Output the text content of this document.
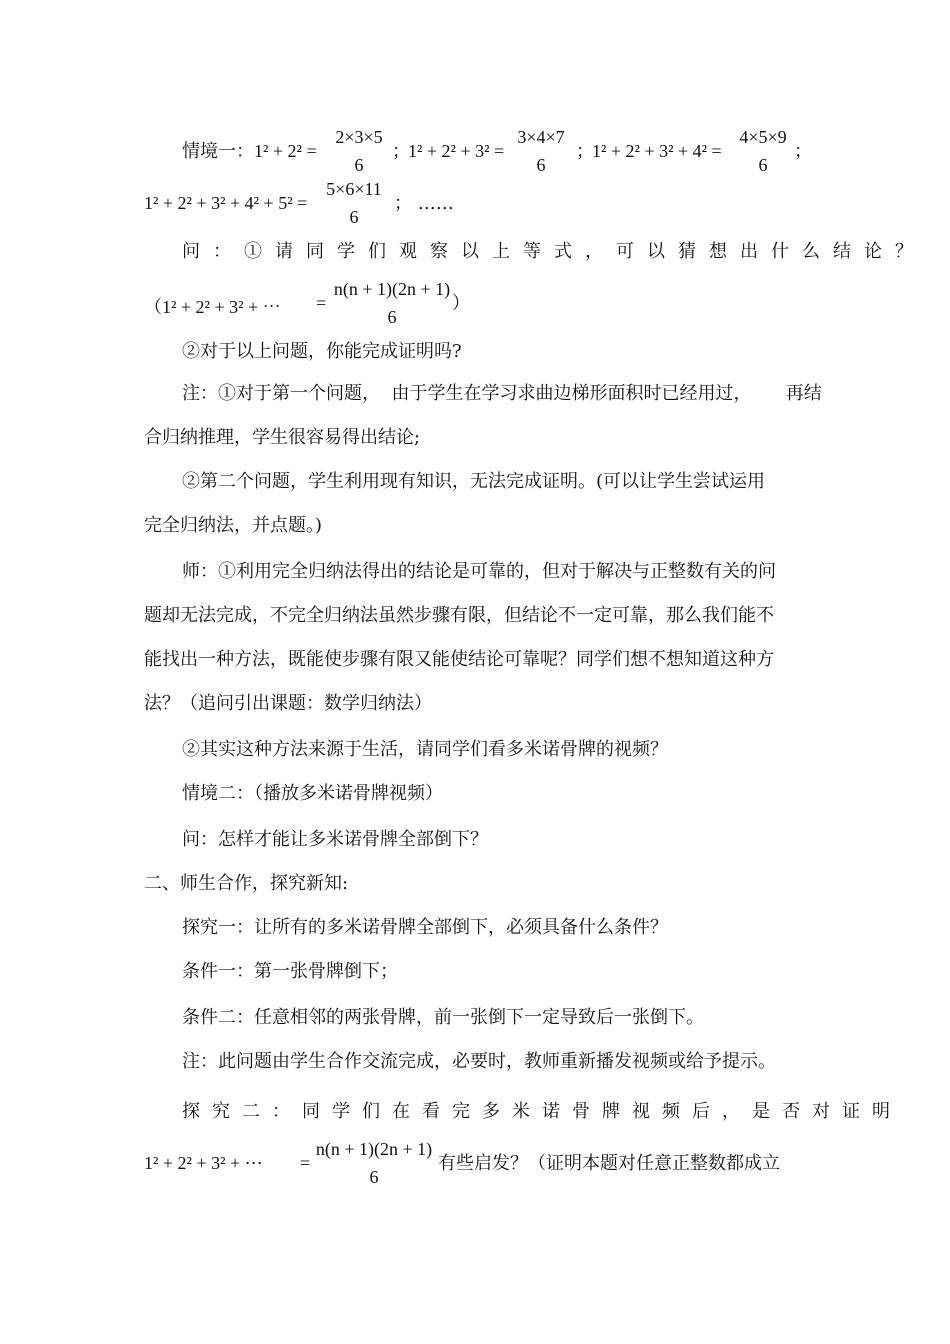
情境一： 1² + 2² =
2×3×5
6
；
1² + 2² + 3² =
3×4×7
6
；
1² + 2² + 3² + 4² =
4×5×9
6
；
1² + 2² + 3² + 4² + 5² =
5×6×11
6
； ……
问：①请同学们观察以上等式，可以猜想出什么结论？
（1² + 2² + 3² + ⋯ =
n(n + 1)(2n + 1)
6
）
②对于以上问题，你能完成证明吗?
注：①对于第一个问题，  由于学生在学习求曲边梯形面积时已经用过，      再结
合归纳推理，学生很容易得出结论;
②第二个问题，学生利用现有知识，无法完成证明。(可以让学生尝试运用
完全归纳法，并点题。)
师：①利用完全归纳法得出的结论是可靠的，但对于解决与正整数有关的问
题却无法完成，不完全归纳法虽然步骤有限，但结论不一定可靠，那么我们能不
能找出一种方法，既能使步骤有限又能使结论可靠呢？同学们想不想知道这种方
法？（追问引出课题：数学归纳法）
②其实这种方法来源于生活，请同学们看多米诺骨牌的视频？
情境二：（播放多米诺骨牌视频）
问：怎样才能让多米诺骨牌全部倒下？
二、师生合作，探究新知:
探究一：让所有的多米诺骨牌全部倒下，必须具备什么条件？
条件一：第一张骨牌倒下；
条件二：任意相邻的两张骨牌，前一张倒下一定导致后一张倒下。
注：此问题由学生合作交流完成，必要时，教师重新播发视频或给予提示。
探究二：同学们在看完多米诺骨牌视频后，是否对证明
1² + 2² + 3² + ⋯ =
n(n + 1)(2n + 1)
6
有些启发？（证明本题对任意正整数都成立
